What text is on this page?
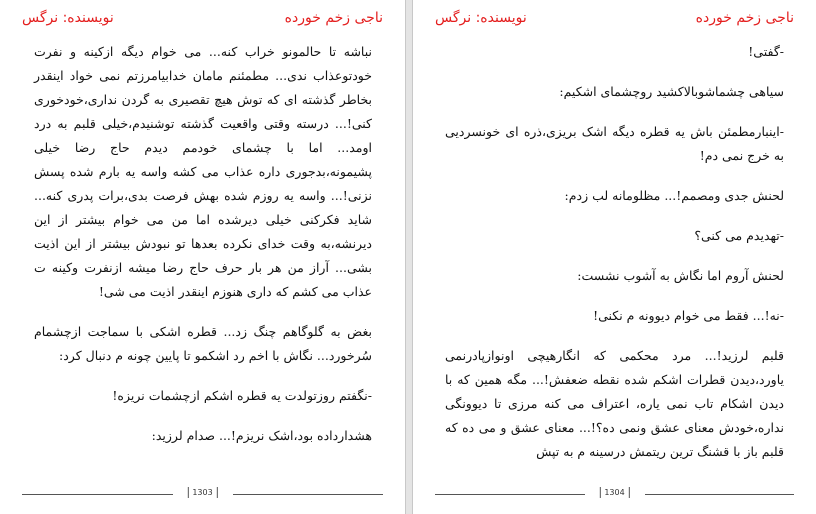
ناجی زخم خورده
نویسنده: نرگس

نباشه تا حالمونو خراب کنه... می خوام دیگه ازکینه و نفرت خودتوعذاب ندی... مطمئنم مامان خدابیامرزتم نمی خواد اینقدر بخاطر گذشته ای که توش هیچ تقصیری به گردن نداری،خودخوری کنی!... درسته وقتی واقعیت گذشته توشنیدم،خیلی قلبم به درد اومد... اما با چشمای خودمم دیدم حاج رضا خیلی پشیمونه،بدجوری داره عذاب می کشه واسه یه بارم شده پسش نزنی!... واسه یه روزم شده بهش فرصت بدی،برات پدری کنه... شاید فکرکنی خیلی دیرشده اما من می خوام بیشتر از این دیرنشه،به وقت خدای نکرده بعدها تو نبودش بیشتر از این اذیت بشی... آراز من هر بار حرف حاج رضا میشه ازنفرت وکینه ت عذاب می کشم که داری هنوزم اینقدر اذیت می شی!

بغض به گلوگاهم چنگ زد... قطره اشکی با سماجت ازچشمام سُرخورد... نگاش با اخم رد اشکمو تا پایین چونه م دنبال کرد:

-نگفتم روزتولدت یه قطره اشکم ازچشمات نریزه!

هشدارداده بود،اشک نریزم!... صدام لرزید:

1303
ناجی زخم خورده
نویسنده: نرگس

-گفتی!

سیاهی چشماشوبالاکشید روچشمای اشکیم:

-اینبارمطمئن باش یه قطره دیگه اشک بریزی،ذره ای خونسردیی به خرج نمی دم!

لحنش جدی ومصمم!... مظلومانه لب زدم:

-تهدیدم می کنی؟

لحنش آروم اما نگاش به آشوب نشست:

-نه!... فقط می خوام دیوونه م نکنی!

قلبم لرزید!... مرد محکمی که انگارهیچی اونوازپادرنمی یاورد،دیدن قطرات اشکم شده نقطه ضعفش!... مگه همین که با دیدن اشکام تاب نمی یاره، اعتراف می کنه مرزی تا دیوونگی نداره،خودش معنای عشق ونمی ده؟!... معنای عشق و می ده که قلبم باز با قشنگ ترین ریتمش درسینه م به تپش

1304
